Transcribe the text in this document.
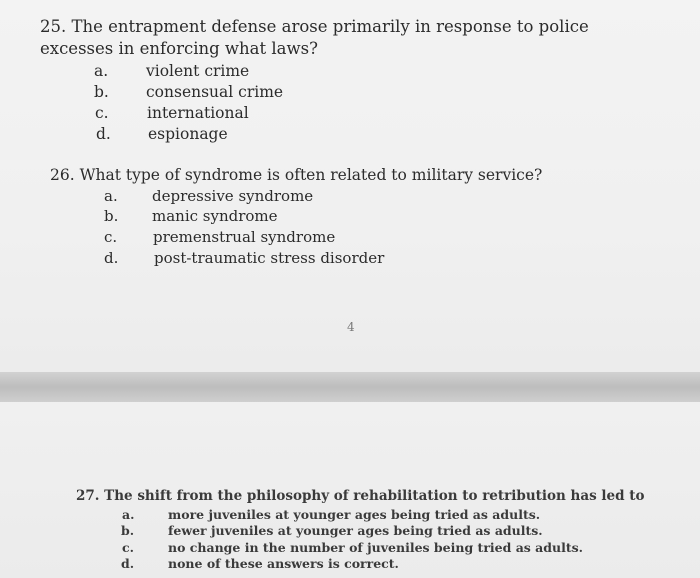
25. The entrapment defense arose primarily in response to police excesses in enforcing what laws?
a. violent crime
b. consensual crime
c. international
d. espionage
26. What type of syndrome is often related to military service?
a. depressive syndrome
b. manic syndrome
c. premenstrual syndrome
d. post-traumatic stress disorder
4
27. The shift from the philosophy of rehabilitation to retribution has led to
a.	more juveniles at younger ages being tried as adults.
b.	fewer juveniles at younger ages being tried as adults.
c.	no change in the number of juveniles being tried as adults.
d.	none of these answers is correct.
